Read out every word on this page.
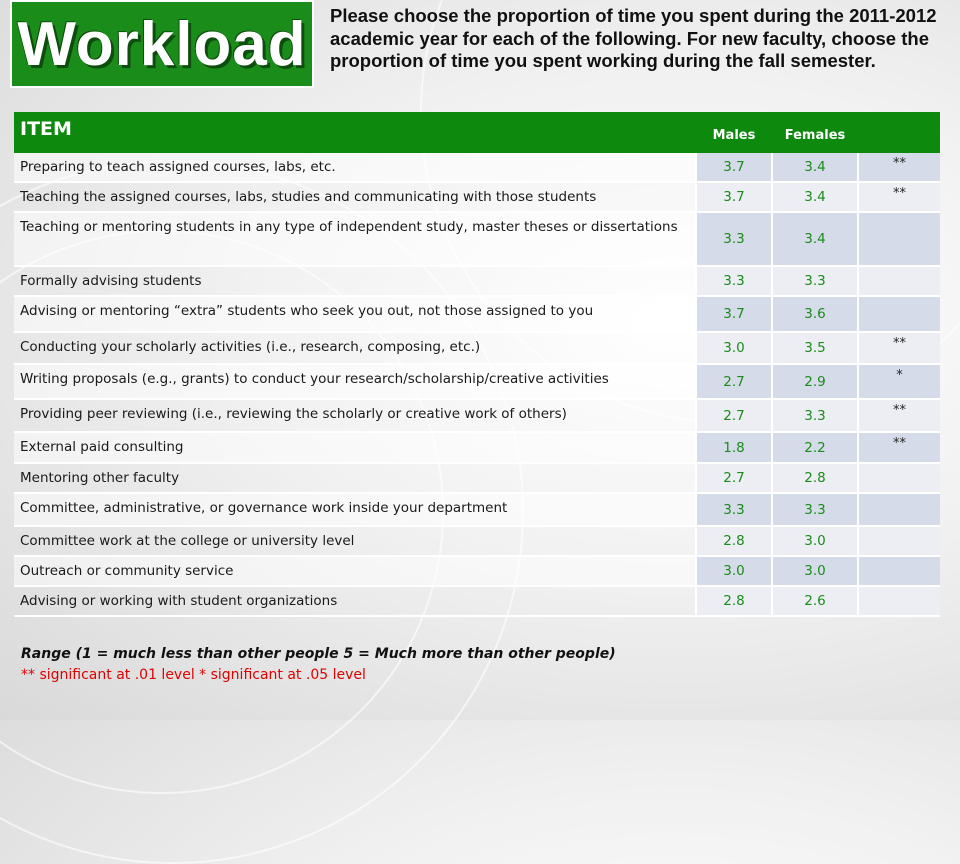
Workload Please choose the proportion of time you spent during the 2011-2012 academic year for each of the following. For new faculty, choose the proportion of time you spent working during the fall semester.
ITEM	Males	Females	
Preparing to teach assigned courses, labs, etc.	3.7	3.4	**
Teaching the assigned courses, labs, studies and communicating with those students	3.7	3.4	**
Teaching or mentoring students in any type of independent study, master theses or dissertations	3.3	3.4	
Formally advising students	3.3	3.3	
Advising or mentoring “extra” students who seek you out, not those assigned to you	3.7	3.6	
Conducting your scholarly activities (i.e., research, composing, etc.)	3.0	3.5	**
Writing proposals (e.g., grants) to conduct your research/scholarship/creative activities	2.7	2.9	*
Providing peer reviewing (i.e., reviewing the scholarly or creative work of others)	2.7	3.3	**
External paid consulting	1.8	2.2	**
Mentoring other faculty	2.7	2.8	
Committee, administrative, or governance work inside your department	3.3	3.3	
Committee work at the college or university level	2.8	3.0	
Outreach or community service	3.0	3.0	
Advising or working with student organizations	2.8	2.6	
Range (1 = much less than other people 5 = Much more than other people)
** significant at .01 level * significant at .05 level
